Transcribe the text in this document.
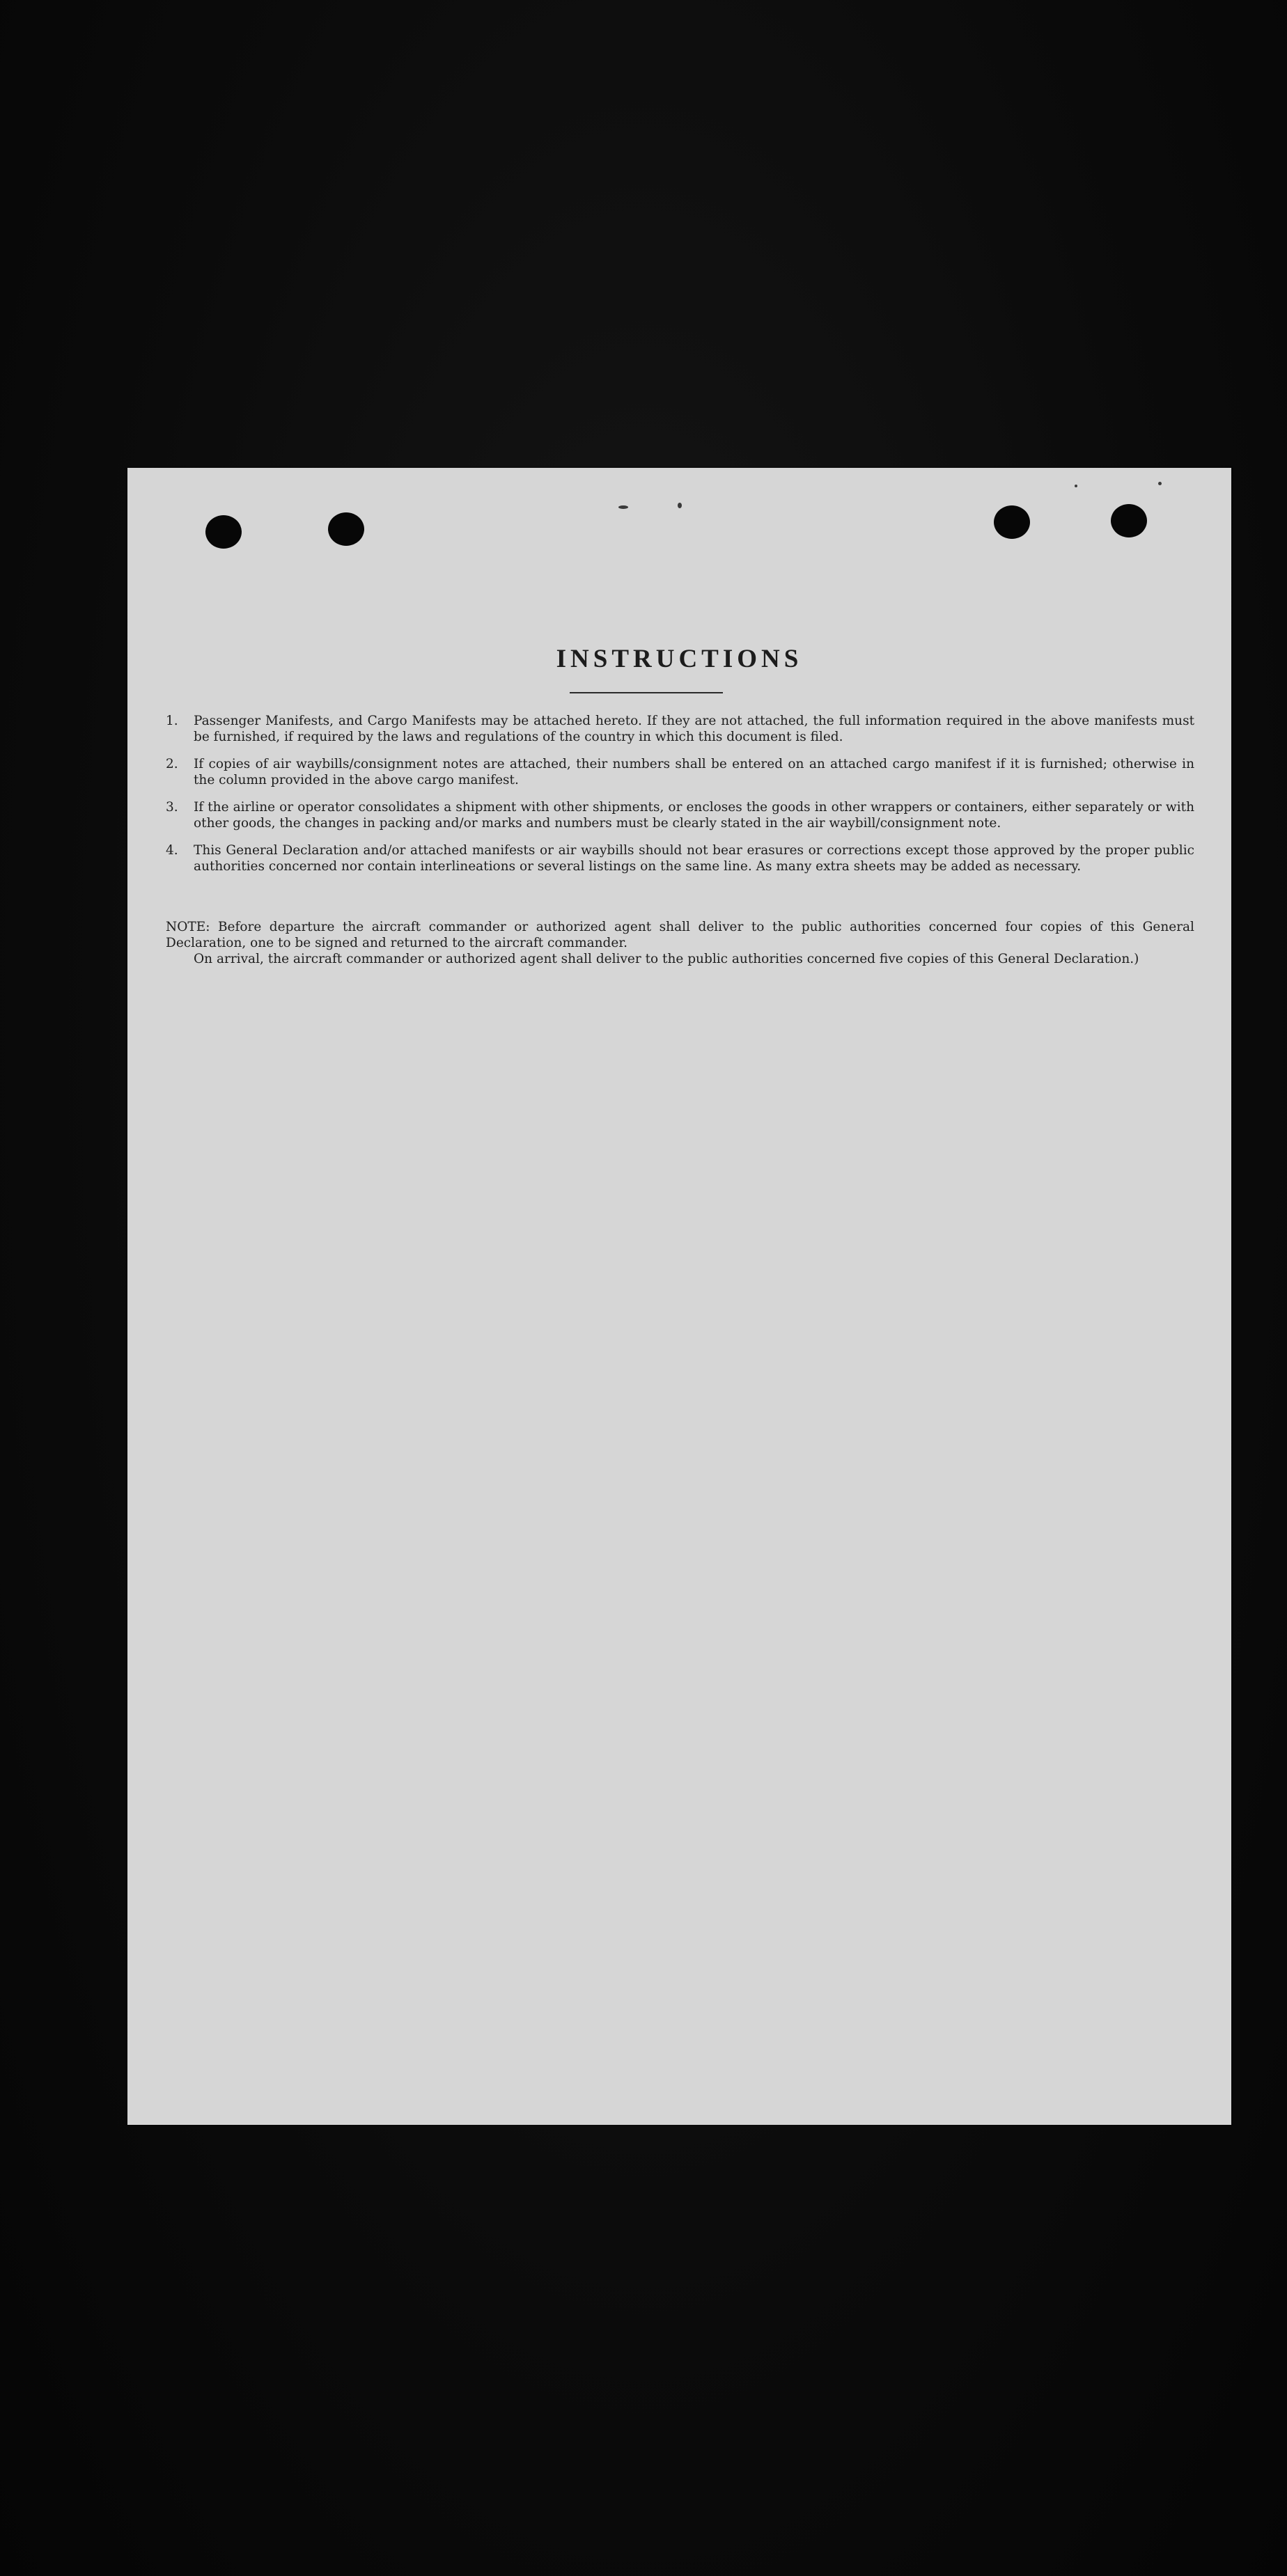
INSTRUCTIONS
1.	Passenger Manifests, and Cargo Manifests may be attached hereto. If they are not attached, the full information required in the above manifests must be furnished, if required by the laws and regulations of the country in which this document is filed.
2.	If copies of air waybills/consignment notes are attached, their numbers shall be entered on an attached cargo manifest if it is furnished; otherwise in the column provided in the above cargo manifest.
3.	If the airline or operator consolidates a shipment with other shipments, or encloses the goods in other wrappers or containers, either separately or with other goods, the changes in packing and/or marks and numbers must be clearly stated in the air waybill/consignment note.
4.	This General Declaration and/or attached manifests or air waybills should not bear erasures or corrections except those approved by the proper public authorities concerned nor contain interlineations or several listings on the same line. As many extra sheets may be added as necessary.

NOTE: Before departure the aircraft commander or authorized agent shall deliver to the public authorities concerned four copies of this General Declaration, one to be signed and returned to the aircraft commander.

On arrival, the aircraft commander or authorized agent shall deliver to the public authorities concerned five copies of this General Declaration.)
